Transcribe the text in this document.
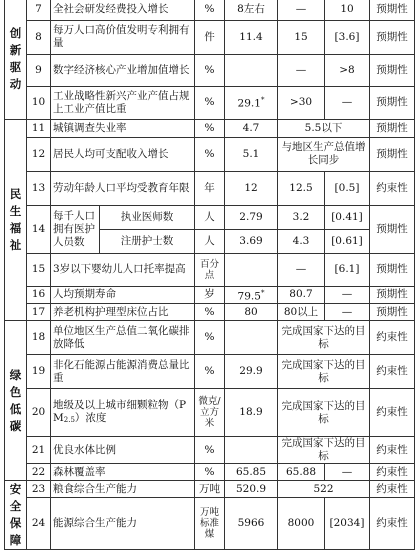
创
新
驱
动	7	全社会研发经费投入增长		%	8左右	—	10	预期性
	8	每万人口高价值发明专利拥有量		件	11.4	15	[3.6]	预期性
	9	数字经济核心产业增加值增长		%		—	>8	预期性
	10	工业战略性新兴产业产值占规上工业产值比重		%	29.1*	>30	—	预期性

民
生
福
祉	11	城镇调查失业率		%	4.7	5.5以下		预期性
	12	居民人均可支配收入增长		%	5.1	与地区生产总值增长同步		预期性
	13	劳动年龄人口平均受教育年限		年	12	12.5	[0.5]	约束性
	14	每千人口拥有医护人员数	执业医师数	人	2.79	3.2	[0.41]	预期性
			注册护士数	人	3.69	4.3	[0.61]	
	15	3岁以下婴幼儿人口托率提高		百分点		—	[6.1]	预期性
	16	人均预期寿命		岁	79.5*	80.7	—	预期性
	17	养老机构护理型床位占比		%	80	80以上	—	预期性

绿
色
低
碳	18	单位地区生产总值二氧化碳排放降低		%		完成国家下达的目标		约束性
	19	非化石能源占能源消费总量比重		%	29.9	完成国家下达的目标		约束性
	20	地级及以上城市细颗粒物$(PM_{2.5})$浓度		微克/立方米	18.9	完成国家下达的目标		约束性
	21	优良水体比例		%		完成国家下达的目标		约束性
	22	森林覆盖率		%	65.85	65.88	—	约束性

安
全
保
障	23	粮食综合生产能力		万吨	520.9	522		约束性
	24	能源综合生产能力		万吨标准煤	5966	8000	[2034]	约束性
